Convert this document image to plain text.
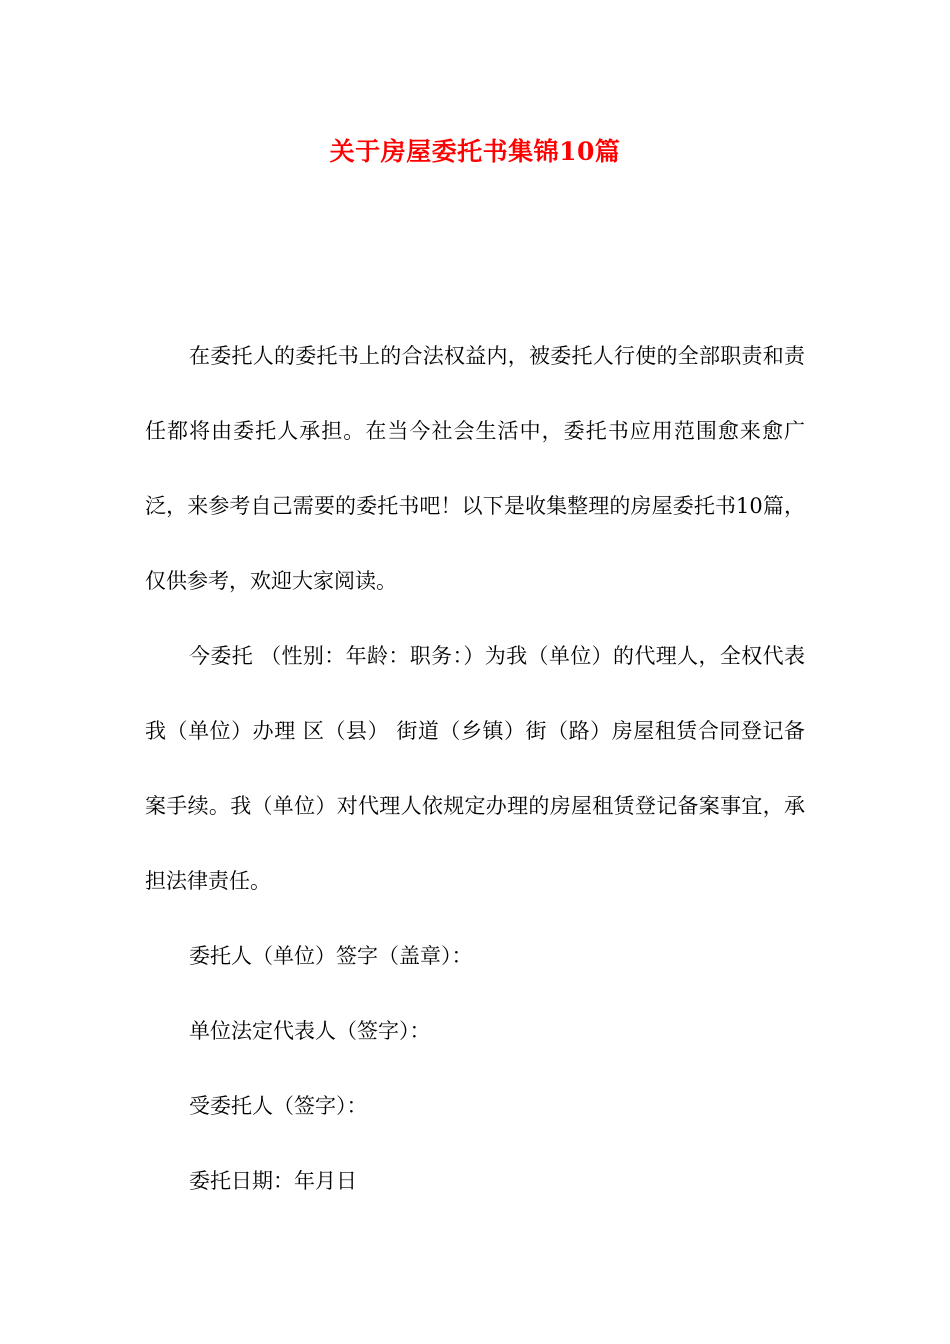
关于房屋委托书集锦10篇

在委托人的委托书上的合法权益内，被委托人行使的全部职责和责任都将由委托人承担。在当今社会生活中，委托书应用范围愈来愈广泛，来参考自己需要的委托书吧！以下是收集整理的房屋委托书10篇，仅供参考，欢迎大家阅读。

今委托 （性别：年龄：职务：）为我（单位）的代理人，全权代表我（单位）办理 区（县） 街道（乡镇）街（路）房屋租赁合同登记备案手续。我（单位）对代理人依规定办理的房屋租赁登记备案事宜，承担法律责任。

委托人（单位）签字（盖章）：

单位法定代表人（签字）：

受委托人（签字）：

委托日期：年月日
